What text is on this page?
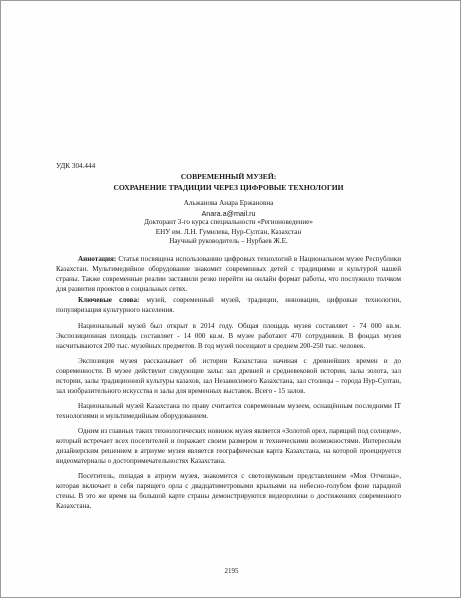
УДК 304.444
СОВРЕМЕННЫЙ МУЗЕЙ:
СОХРАНЕНИЕ ТРАДИЦИИ ЧЕРЕЗ ЦИФРОВЫЕ ТЕХНОЛОГИИ
Альжанова Анара Ержановна
Anara.a@mail.ru
Докторант 3-го курса специальности «Регионоведение»
ЕНУ им. Л.Н. Гумилева, Нур-Султан, Казахстан
Научный руководитель – Нурбаев Ж.Е.

Аннотация: Статья посвящена использованию цифровых технологий в Национальном музее Республики Казахстан. Мультимедийное оборудование знакомит современных детей с традициями и культурой нашей страны. Также современные реалии заставили резко перейти на онлайн формат работы, что послужило толчком для развития проектов в социальных сетях.

Ключевые слова: музей, современный музей, традиции, инновации, цифровые технологии, популяризация культурного населения.

Национальный музей был открыт в 2014 году. Общая площадь музея составляет - 74 000 кв.м. Экспозиционная площадь составляет - 14 000 кв.м. В музее работают 470 сотрудников. В фондах музея насчитываются 200 тыс. музейных предметов. В год музей посещают в среднем 200-250 тыс. человек.

Экспозиция музея рассказывает об истории Казахстана начиная с древнейших времен и до современности. В музее действуют следующие залы: зал древней и средневековой истории, залы золота, зал истории, залы традиционной культуры казахов, зал Независимого Казахстана, зал столицы – города Нур-Султан, зал изобразительного искусства и залы для временных выставок. Всего - 15 залов.

Национальный музей Казахстана по праву считается современным музеем, оснащённым последними IT технологиями и мультимедийным оборудованием.

Одним из главных таких технологических новинок музея является «Золотой орел, парящий под солнцем», который встречает всех посетителей и поражает своим размером и техническими возможностями. Интересным дизайнерским решением в атриуме музея является географическая карта Казахстана, на которой проецируется видеоматериалы о достопримечательностях Казахстана.

Посетитель, попадая в атриум музея, знакомится с светозвуковым представлением «Моя Отчизна», которая включает в себя парящего орла с двадцатиметровыми крыльями на небесно-голубом фоне парадной стены. В это же время на большой карте страны демонстрируются видеоролики о достижениях современного Казахстана.

2195
